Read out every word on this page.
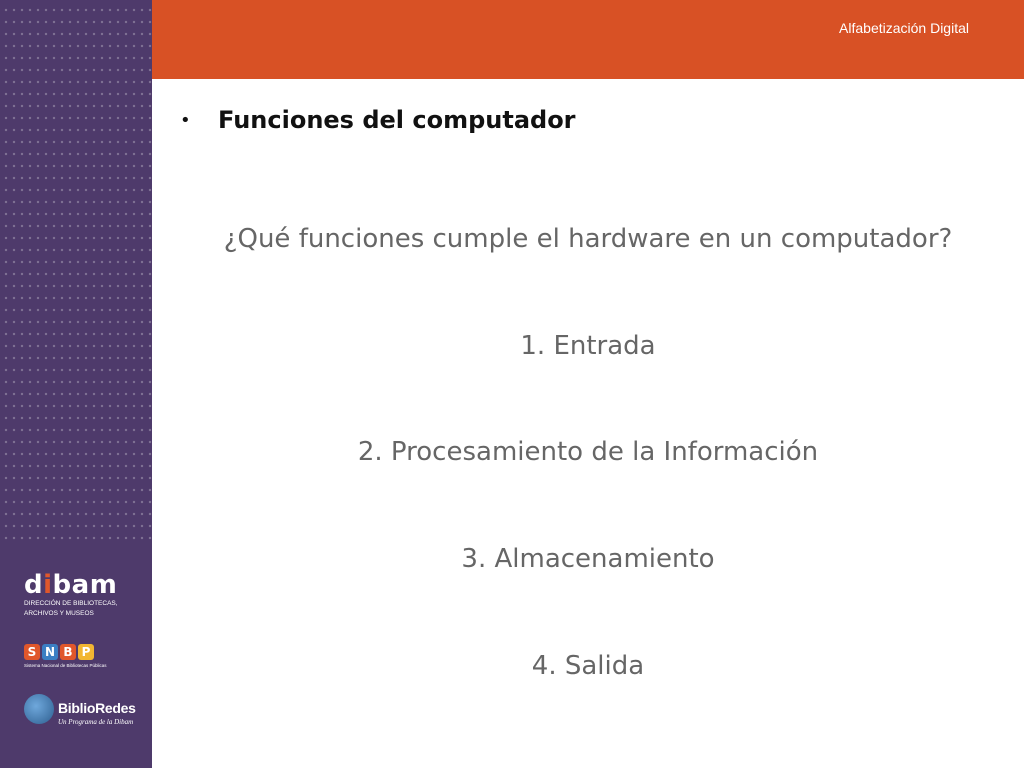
Alfabetización Digital
•	Funciones del computador
¿Qué funciones cumple el hardware en un computador?
1. Entrada
2. Procesamiento de la Información
3. Almacenamiento
4. Salida
dibam
DIRECCIÓN DE BIBLIOTECAS,
ARCHIVOS Y MUSEOS
S N B P
Sistema Nacional de Bibliotecas Públicas
BiblioRedes
Un Programa de la Dibam
